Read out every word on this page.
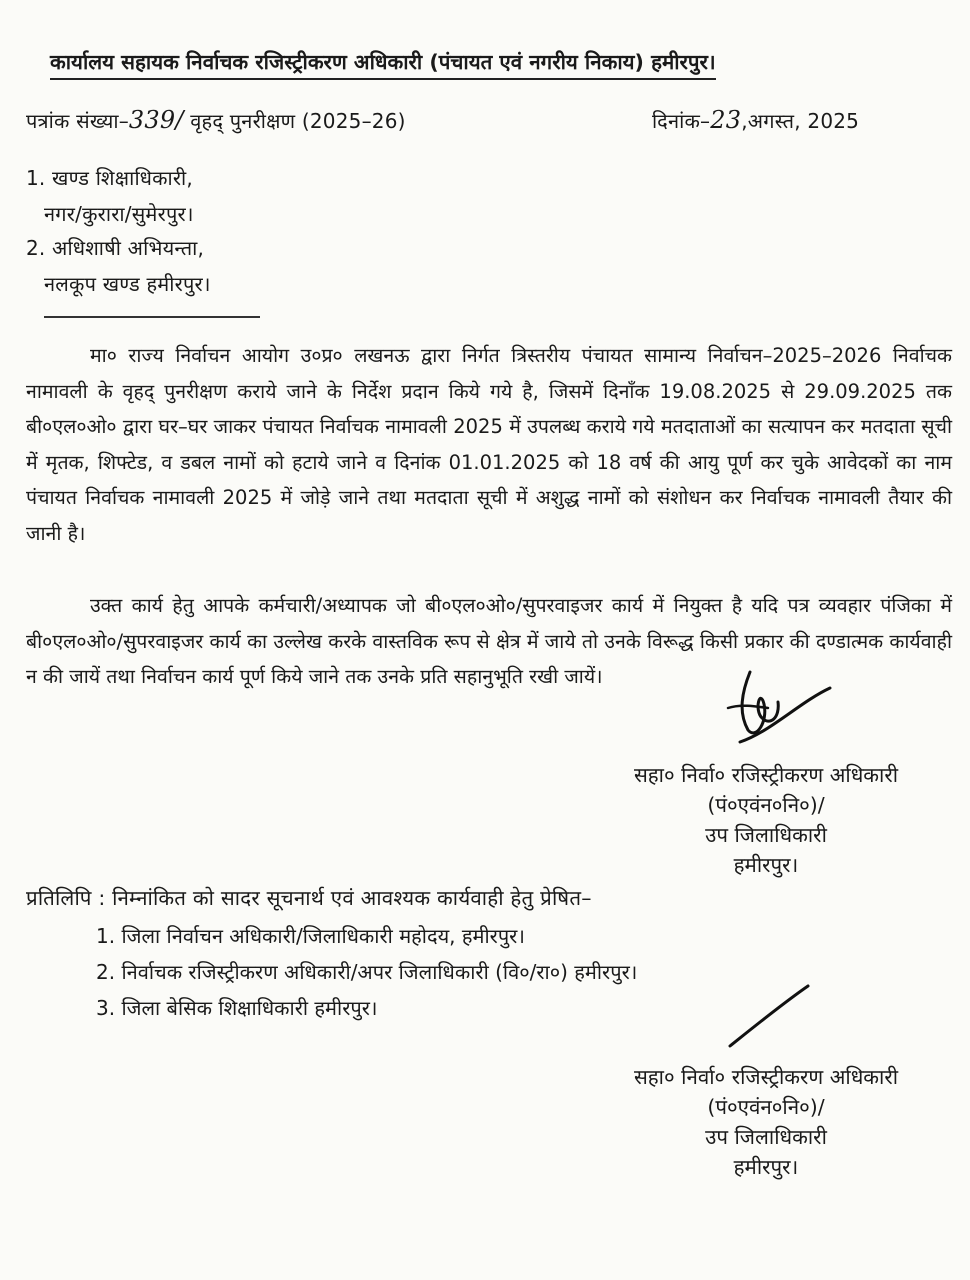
कार्यालय सहायक निर्वाचक रजिस्ट्रीकरण अधिकारी (पंचायत एवं नगरीय निकाय) हमीरपुर।
पत्रांक संख्या–339/ वृहद् पुनरीक्षण (2025–26)	दिनांक–23,अगस्त, 2025
1. खण्ड शिक्षाधिकारी,
नगर/कुरारा/सुमेरपुर।
2. अधिशाषी अभियन्ता,
नलकूप खण्ड हमीरपुर।
मा० राज्य निर्वाचन आयोग उ०प्र० लखनऊ द्वारा निर्गत त्रिस्तरीय पंचायत सामान्य निर्वाचन–2025–2026 निर्वाचक नामावली के वृहद् पुनरीक्षण कराये जाने के निर्देश प्रदान किये गये है, जिसमें दिनाँक 19.08.2025 से 29.09.2025 तक बी०एल०ओ० द्वारा घर–घर जाकर पंचायत निर्वाचक नामावली 2025 में उपलब्ध कराये गये मतदाताओं का सत्यापन कर मतदाता सूची में मृतक, शिफ्टेड, व डबल नामों को हटाये जाने व दिनांक 01.01.2025 को 18 वर्ष की आयु पूर्ण कर चुके आवेदकों का नाम पंचायत निर्वाचक नामावली 2025 में जोड़े जाने तथा मतदाता सूची में अशुद्ध नामों को संशोधन कर निर्वाचक नामावली तैयार की जानी है।
उक्त कार्य हेतु आपके कर्मचारी/अध्यापक जो बी०एल०ओ०/सुपरवाइजर कार्य में नियुक्त है यदि पत्र व्यवहार पंजिका में बी०एल०ओ०/सुपरवाइजर कार्य का उल्लेख करके वास्तविक रूप से क्षेत्र में जाये तो उनके विरूद्ध किसी प्रकार की दण्डात्मक कार्यवाही न की जायें तथा निर्वाचन कार्य पूर्ण किये जाने तक उनके प्रति सहानुभूति रखी जायें।
सहा० निर्वा० रजिस्ट्रीकरण अधिकारी
(पं०एवंन०नि०)/
उप जिलाधिकारी
हमीरपुर।
प्रतिलिपि : निम्नांकित को सादर सूचनार्थ एवं आवश्यक कार्यवाही हेतु प्रेषित–
1. जिला निर्वाचन अधिकारी/जिलाधिकारी महोदय, हमीरपुर।
2. निर्वाचक रजिस्ट्रीकरण अधिकारी/अपर जिलाधिकारी (वि०/रा०) हमीरपुर।
3. जिला बेसिक शिक्षाधिकारी हमीरपुर।
सहा० निर्वा० रजिस्ट्रीकरण अधिकारी
(पं०एवंन०नि०)/
उप जिलाधिकारी
हमीरपुर।
